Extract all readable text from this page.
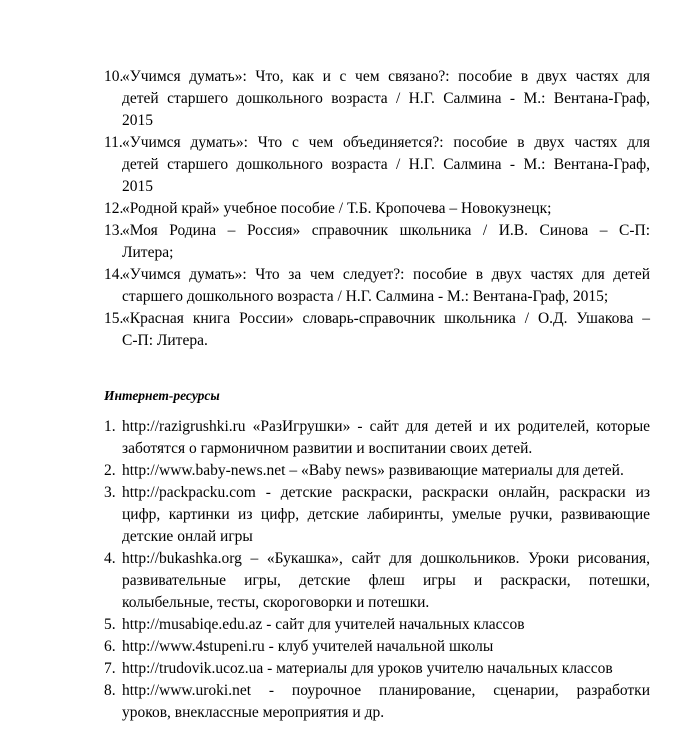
10.
«Учимся думать»: Что, как и с чем связано?: пособие в двух частях для
детей старшего дошкольного возраста / Н.Г. Салмина - М.: Вентана-Граф,
2015
11. «Учимся думать»: Что с чем объединяется?: пособие в двух частях для
детей старшего дошкольного возраста / Н.Г. Салмина - М.: Вентана-Граф,
2015
12.
«Родной край» учебное пособие / Т.Б. Кропочева – Новокузнецк;
13.
«Моя Родина – Россия» справочник школьника / И.В. Синова – С-П:
Литера;
14.
«Учимся думать»: Что за чем следует?: пособие в двух частях для детей
старшего дошкольного возраста / Н.Г. Салмина - М.: Вентана-Граф, 2015;
15.
«Красная книга России» словарь-справочник школьника / О.Д. Ушакова –
С-П: Литера.
Интернет-ресурсы
1. http://razigrushki.ru «РазИгрушки» - сайт для детей и их родителей, которые
заботятся о гармоничном развитии и воспитании своих детей.
2. http://www.baby-news.net – «Baby news» развивающие материалы для детей.
3. http://packpacku.com - детские раскраски, раскраски онлайн, раскраски из
цифр, картинки из цифр, детские лабиринты, умелые ручки, развивающие
детские онлай игры
4. http://bukashka.org – «Букашка», сайт для дошкольников. Уроки рисования,
развивательные игры, детские флеш игры и раскраски, потешки,
колыбельные, тесты, скороговорки и потешки.
5. http://musabiqe.edu.az - сайт для учителей начальных классов
6. http://www.4stupeni.ru - клуб учителей начальной школы
7. http://trudovik.ucoz.ua - материалы для уроков учителю начальных классов
8. http://www.uroki.net - поурочное планирование, сценарии, разработки
уроков, внеклассные мероприятия и др.
